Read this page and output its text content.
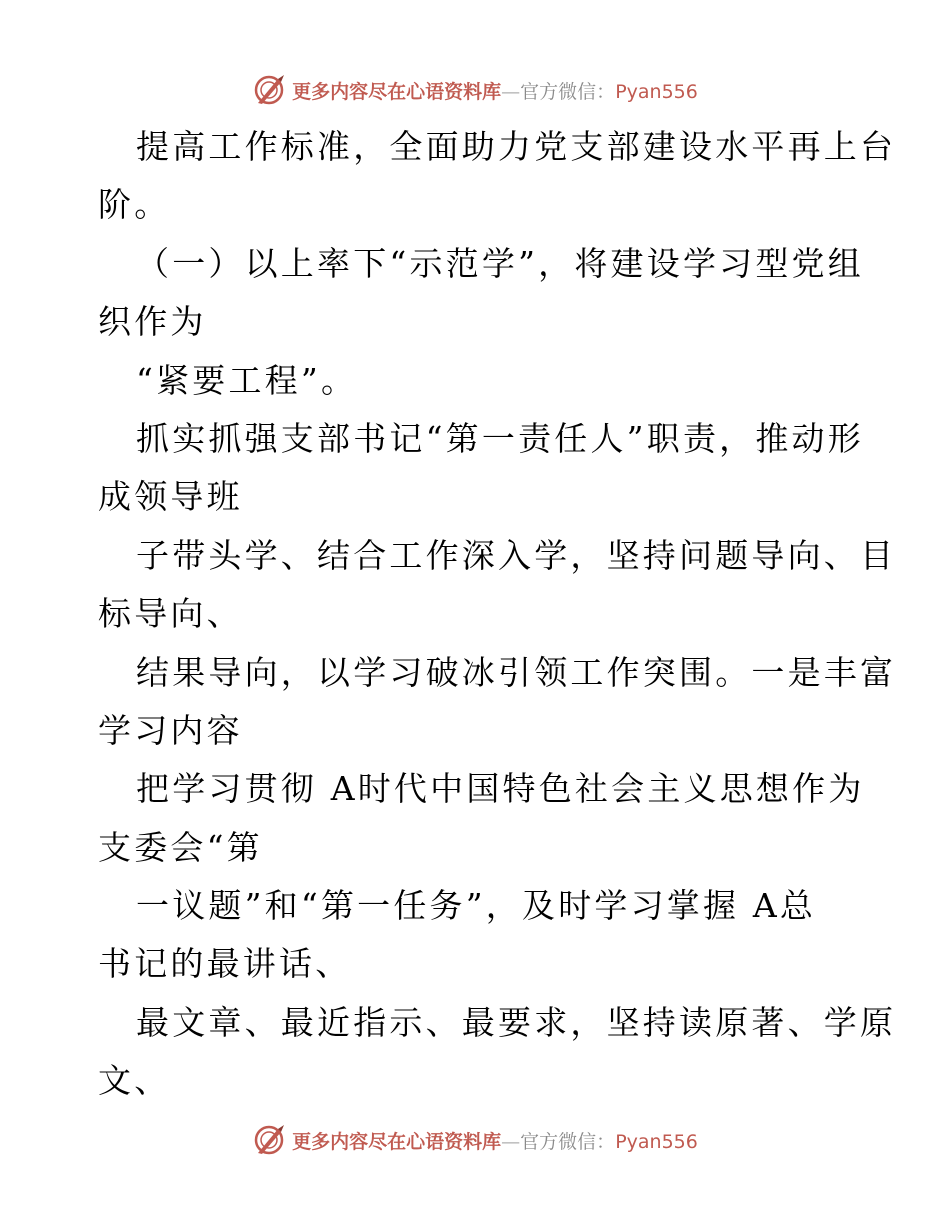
更多内容尽在心语资料库—官方微信：Pyan556
提高工作标准，全面助力党支部建设水平再上台
阶。
（一）以上率下“示范学”，将建设学习型党组
织作为
“紧要工程”。
抓实抓强支部书记“第一责任人”职责，推动形
成领导班
子带头学、结合工作深入学，坚持问题导向、目
标导向、
结果导向，以学习破冰引领工作突围。一是丰富
学习内容
把学习贯彻 A时代中国特色社会主义思想作为
支委会“第
一议题”和“第一任务”，及时学习掌握 A总
书记的最讲话、
最文章、最近指示、最要求，坚持读原著、学原
文、
更多内容尽在心语资料库—官方微信：Pyan556
